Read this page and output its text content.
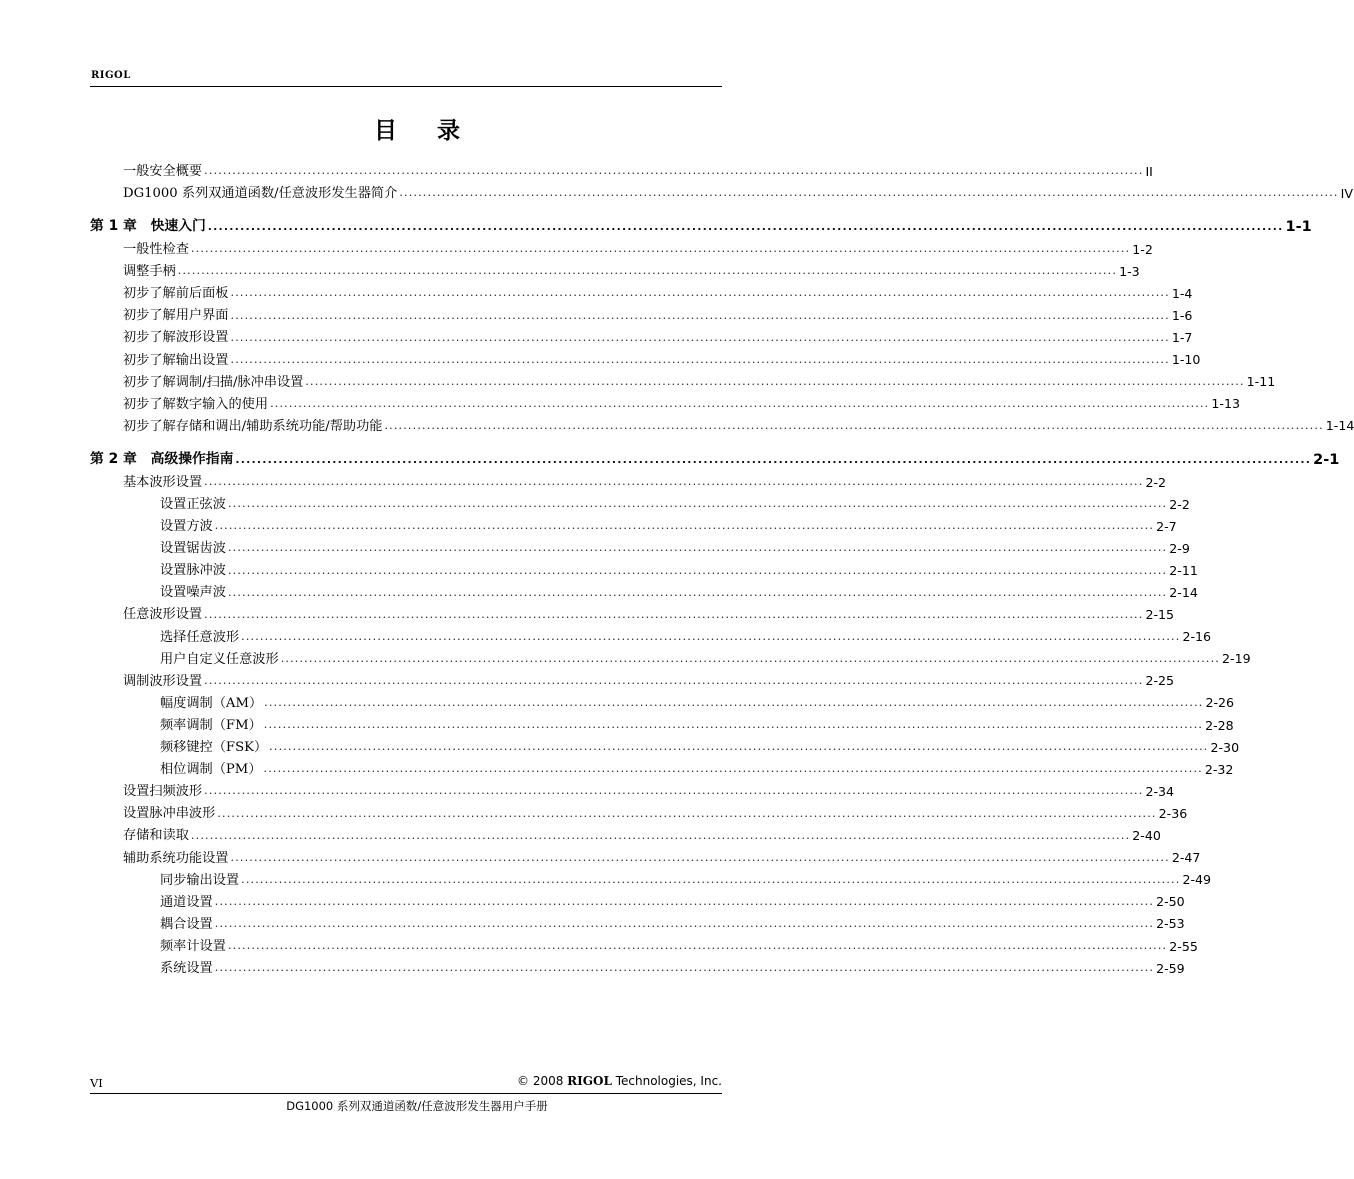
RIGOL
目 录
一般安全概要 ........................................................................................................................................................................................................ II
DG1000 系列双通道函数/任意波形发生器简介 ........................................................................................................................................................................................................ IV
第 1 章　快速入门 ........................................................................................................................................................................................................ 1-1
一般性检查 ........................................................................................................................................................................................................ 1-2
调整手柄 ........................................................................................................................................................................................................ 1-3
初步了解前后面板 ........................................................................................................................................................................................................ 1-4
初步了解用户界面 ........................................................................................................................................................................................................ 1-6
初步了解波形设置 ........................................................................................................................................................................................................ 1-7
初步了解输出设置 ........................................................................................................................................................................................................ 1-10
初步了解调制/扫描/脉冲串设置 ........................................................................................................................................................................................................ 1-11
初步了解数字输入的使用 ........................................................................................................................................................................................................ 1-13
初步了解存储和调出/辅助系统功能/帮助功能 ........................................................................................................................................................................................................ 1-14
第 2 章　高级操作指南 ........................................................................................................................................................................................................ 2-1
基本波形设置 ........................................................................................................................................................................................................ 2-2
设置正弦波 ........................................................................................................................................................................................................ 2-2
设置方波 ........................................................................................................................................................................................................ 2-7
设置锯齿波 ........................................................................................................................................................................................................ 2-9
设置脉冲波 ........................................................................................................................................................................................................ 2-11
设置噪声波 ........................................................................................................................................................................................................ 2-14
任意波形设置 ........................................................................................................................................................................................................ 2-15
选择任意波形 ........................................................................................................................................................................................................ 2-16
用户自定义任意波形 ........................................................................................................................................................................................................ 2-19
调制波形设置 ........................................................................................................................................................................................................ 2-25
幅度调制（AM） ........................................................................................................................................................................................................ 2-26
频率调制（FM） ........................................................................................................................................................................................................ 2-28
频移键控（FSK） ........................................................................................................................................................................................................ 2-30
相位调制（PM） ........................................................................................................................................................................................................ 2-32
设置扫频波形 ........................................................................................................................................................................................................ 2-34
设置脉冲串波形 ........................................................................................................................................................................................................ 2-36
存储和读取 ........................................................................................................................................................................................................ 2-40
辅助系统功能设置 ........................................................................................................................................................................................................ 2-47
同步输出设置 ........................................................................................................................................................................................................ 2-49
通道设置 ........................................................................................................................................................................................................ 2-50
耦合设置 ........................................................................................................................................................................................................ 2-53
频率计设置 ........................................................................................................................................................................................................ 2-55
系统设置 ........................................................................................................................................................................................................ 2-59
VI	© 2008 RIGOL Technologies, Inc.
DG1000 系列双通道函数/任意波形发生器用户手册
